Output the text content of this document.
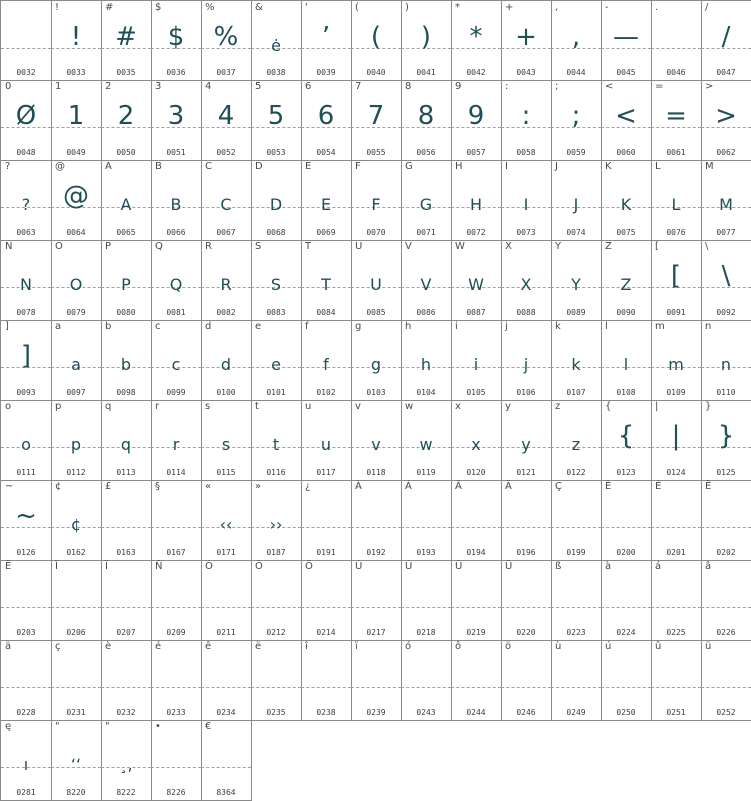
0032
!
!
0033
#
#
0035
$
$
0036
%
%
0037
&
ė
0038
'
ʼ
0039
(
(
0040
)
)
0041
*
*
0042
+
+
0043
,
,
0044
-
—
0045
.
0046
/
/
0047
0
Ø
0048
1
1
0049
2
2
0050
3
3
0051
4
4
0052
5
5
0053
6
6
0054
7
7
0055
8
8
0056
9
9
0057
:
:
0058
;
;
0059
<
<
0060
=
=
0061
>
>
0062
?
?
0063
@
@
0064
A
A
0065
B
B
0066
C
C
0067
D
D
0068
E
E
0069
F
F
0070
G
G
0071
H
H
0072
I
I
0073
J
J
0074
K
K
0075
L
L
0076
M
M
0077
N
N
0078
O
O
0079
P
P
0080
Q
Q
0081
R
R
0082
S
S
0083
T
T
0084
U
U
0085
V
V
0086
W
W
0087
X
X
0088
Y
Y
0089
Z
Z
0090
[
[
0091
\
\
0092
]
]
0093
a
a
0097
b
b
0098
c
c
0099
d
d
0100
e
e
0101
f
f
0102
g
g
0103
h
h
0104
i
i
0105
j
j
0106
k
k
0107
l
l
0108
m
m
0109
n
n
0110
o
o
0111
p
p
0112
q
q
0113
r
r
0114
s
s
0115
t
t
0116
u
u
0117
v
v
0118
w
w
0119
x
x
0120
y
y
0121
z
z
0122
{
{
0123
|
|
0124
}
}
0125
~
~
0126
¢
¢
0162
£
0163
§
0167
«
‹‹
0171
»
››
0187
¿
0191
À
0192
Á
0193
Â
0194
Ä
0196
Ç
0199
È
0200
É
0201
Ê
0202
Ë
0203
Î
0206
Ï
0207
Ñ
0209
Ó
0211
Ô
0212
Ö
0214
Ù
0217
Ú
0218
Û
0219
Ü
0220
ß
0223
à
0224
á
0225
â
0226
ä
0228
ç
0231
è
0232
é
0233
ê
0234
ë
0235
î
0238
ï
0239
ó
0243
ô
0244
ö
0246
ù
0249
ú
0250
û
0251
ü
0252
ę
ı
0281
"
‘‘
8220
"
¸,
8222
•
8226
€
8364
